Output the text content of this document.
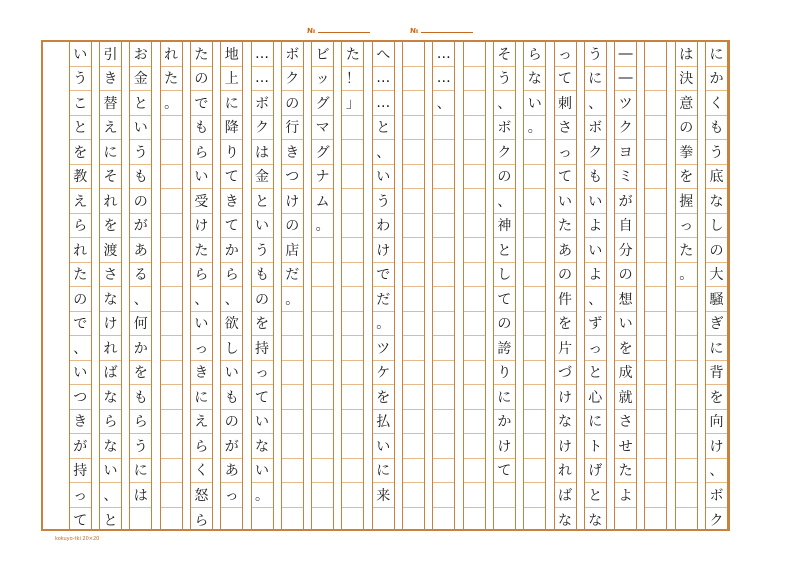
№	№
に
か
く
も
う
底
な
し
の
大
騒
ぎ
に
背
を
向
け
、
ボ
ク
は
決
意
の
拳
を
握
っ
た
。
―
―
ツ
ク
ヨ
ミ
が
自
分
の
想
い
を
成
就
さ
せ
た
よ
う
に
、
ボ
ク
も
い
よ
い
よ
、
ず
っ
と
心
に
ト
げ
と
な
っ
て
刺
さ
っ
て
い
た
あ
の
件
を
片
づ
け
な
け
れ
ば
な
ら
な
い
。
そ
う
、
ボ
ク
の
、
神
と
し
て
の
誇
り
に
か
け
て
…
…
、
へ
…
…
と
、
い
う
わ
け
で
だ
。
ツ
ケ
を
払
い
に
来
た
！
」
ビ
ッ
グ
マ
グ
ナ
ム
。
ボ
ク
の
行
き
つ
け
の
店
だ
。
…
…
ボ
ク
は
金
と
い
う
も
の
を
持
っ
て
い
な
い
。
地
上
に
降
り
て
き
て
か
ら
、
欲
し
い
も
の
が
あ
っ
た
の
で
も
ら
い
受
け
た
ら
、
い
っ
き
に
え
ら
く
怒
ら
れ
た
。
お
金
と
い
う
も
の
が
あ
る
、
何
か
を
も
ら
う
に
は
引
き
替
え
に
そ
れ
を
渡
さ
な
け
れ
ば
な
ら
な
い
、
と
い
う
こ
と
を
教
え
ら
れ
た
の
で
、
い
つ
き
が
持
っ
て
kokuyo-tki 20×20
